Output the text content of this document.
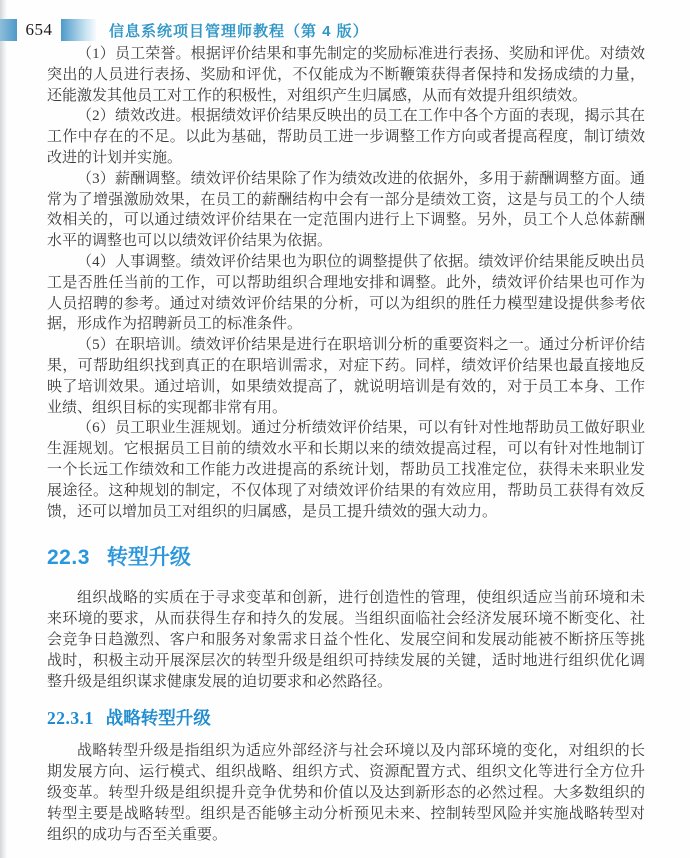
654	信息系统项目管理师教程（第 4 版）

（1）员工荣誉。根据评价结果和事先制定的奖励标准进行表扬、奖励和评优。对绩效突出的人员进行表扬、奖励和评优，不仅能成为不断鞭策获得者保持和发扬成绩的力量，还能激发其他员工对工作的积极性，对组织产生归属感，从而有效提升组织绩效。

（2）绩效改进。根据绩效评价结果反映出的员工在工作中各个方面的表现，揭示其在工作中存在的不足。以此为基础，帮助员工进一步调整工作方向或者提高程度，制订绩效改进的计划并实施。

（3）薪酬调整。绩效评价结果除了作为绩效改进的依据外，多用于薪酬调整方面。通常为了增强激励效果，在员工的薪酬结构中会有一部分是绩效工资，这是与员工的个人绩效相关的，可以通过绩效评价结果在一定范围内进行上下调整。另外，员工个人总体薪酬水平的调整也可以以绩效评价结果为依据。

（4）人事调整。绩效评价结果也为职位的调整提供了依据。绩效评价结果能反映出员工是否胜任当前的工作，可以帮助组织合理地安排和调整。此外，绩效评价结果也可作为人员招聘的参考。通过对绩效评价结果的分析，可以为组织的胜任力模型建设提供参考依据，形成作为招聘新员工的标准条件。

（5）在职培训。绩效评价结果是进行在职培训分析的重要资料之一。通过分析评价结果，可帮助组织找到真正的在职培训需求，对症下药。同样，绩效评价结果也最直接地反映了培训效果。通过培训，如果绩效提高了，就说明培训是有效的，对于员工本身、工作业绩、组织目标的实现都非常有用。

（6）员工职业生涯规划。通过分析绩效评价结果，可以有针对性地帮助员工做好职业生涯规划。它根据员工目前的绩效水平和长期以来的绩效提高过程，可以有针对性地制订一个长远工作绩效和工作能力改进提高的系统计划，帮助员工找准定位，获得未来职业发展途径。这种规划的制定，不仅体现了对绩效评价结果的有效应用，帮助员工获得有效反馈，还可以增加员工对组织的归属感，是员工提升绩效的强大动力。

22.3 转型升级

组织战略的实质在于寻求变革和创新，进行创造性的管理，使组织适应当前环境和未来环境的要求，从而获得生存和持久的发展。当组织面临社会经济发展环境不断变化、社会竞争日趋激烈、客户和服务对象需求日益个性化、发展空间和发展动能被不断挤压等挑战时，积极主动开展深层次的转型升级是组织可持续发展的关键，适时地进行组织优化调整升级是组织谋求健康发展的迫切要求和必然路径。

22.3.1 战略转型升级

战略转型升级是指组织为适应外部经济与社会环境以及内部环境的变化，对组织的长期发展方向、运行模式、组织战略、组织方式、资源配置方式、组织文化等进行全方位升级变革。转型升级是组织提升竞争优势和价值以及达到新形态的必然过程。大多数组织的转型主要是战略转型。组织是否能够主动分析预见未来、控制转型风险并实施战略转型对组织的成功与否至关重要。
